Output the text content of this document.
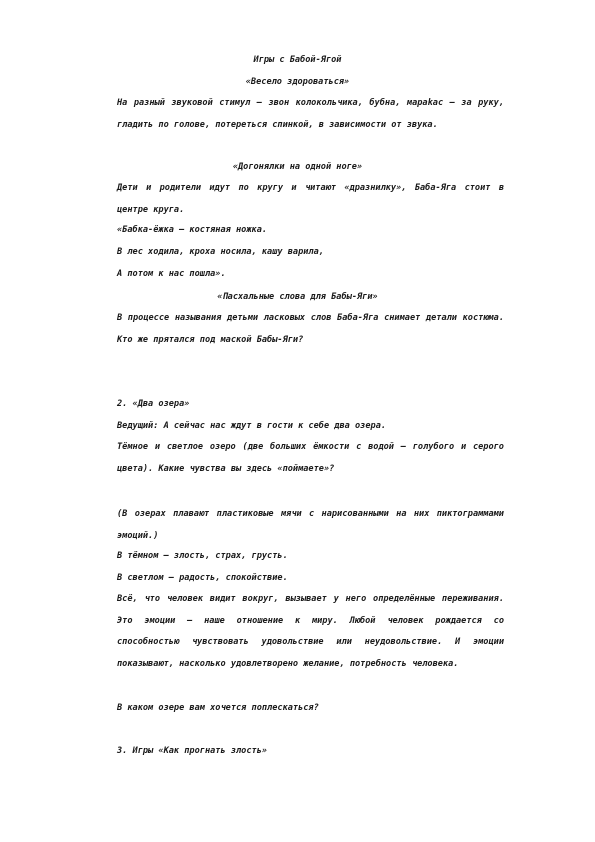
Игры с Бабой-Ягой
«Весело здороваться»
На разный звуковой стимул – звон колокольчика, бубна, марakас – за руку, гладить по голове, потереться спинкой, в зависимости от звука.
«Догонялки на одной ноге»
Дети и родители идут по кругу и читают «дразнилку», Баба-Яга стоит в центре круга.
«Бабка-ёжка – костяная ножка.
В лес ходила, кроха носила, кашу варила,
А потом к нас пошла».
«Пасхальные слова для Бабы-Яги»
В процессе называния детьми ласковых слов Баба-Яга снимает детали костюма. Кто же прятался под маской Бабы-Яги?
2. «Два озера»
Ведущий: А сейчас нас ждут в гости к себе два озера.
Тёмное и светлое озеро (две больших ёмкости с водой – голубого и серого цвета). Какие чувства вы здесь «поймаете»?
(В озерах плавают пластиковые мячи с нарисованными на них пиктограммами эмоций.)
В тёмном – злость, страх, грусть.
В светлом – радость, спокойствие.
Всё, что человек видит вокруг, вызывает у него определённые переживания. Это эмоции – наше отношение к миру. Любой человек рождается со способностью чувствовать удовольствие или неудовольствие. И эмоции показывают, насколько удовлетворено желание, потребность человека.
В каком озере вам хочется поплескаться?
3. Игры «Как прогнать злость»
